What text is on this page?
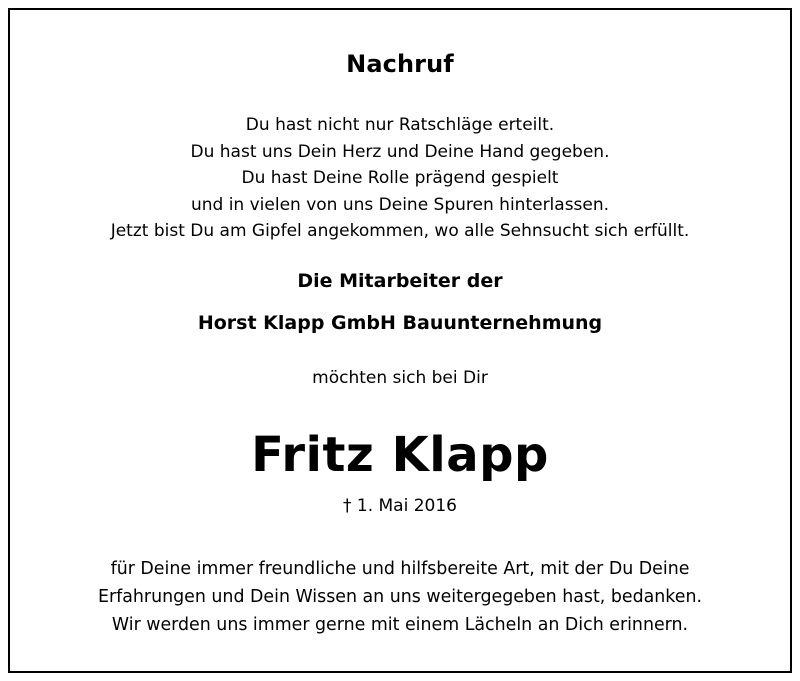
Nachruf
Du hast nicht nur Ratschläge erteilt.
Du hast uns Dein Herz und Deine Hand gegeben.
Du hast Deine Rolle prägend gespielt
und in vielen von uns Deine Spuren hinterlassen.
Jetzt bist Du am Gipfel angekommen, wo alle Sehnsucht sich erfüllt.
Die Mitarbeiter der
Horst Klapp GmbH Bauunternehmung
möchten sich bei Dir
Fritz Klapp
† 1. Mai 2016
für Deine immer freundliche und hilfsbereite Art, mit der Du Deine
Erfahrungen und Dein Wissen an uns weitergegeben hast, bedanken.
Wir werden uns immer gerne mit einem Lächeln an Dich erinnern.
